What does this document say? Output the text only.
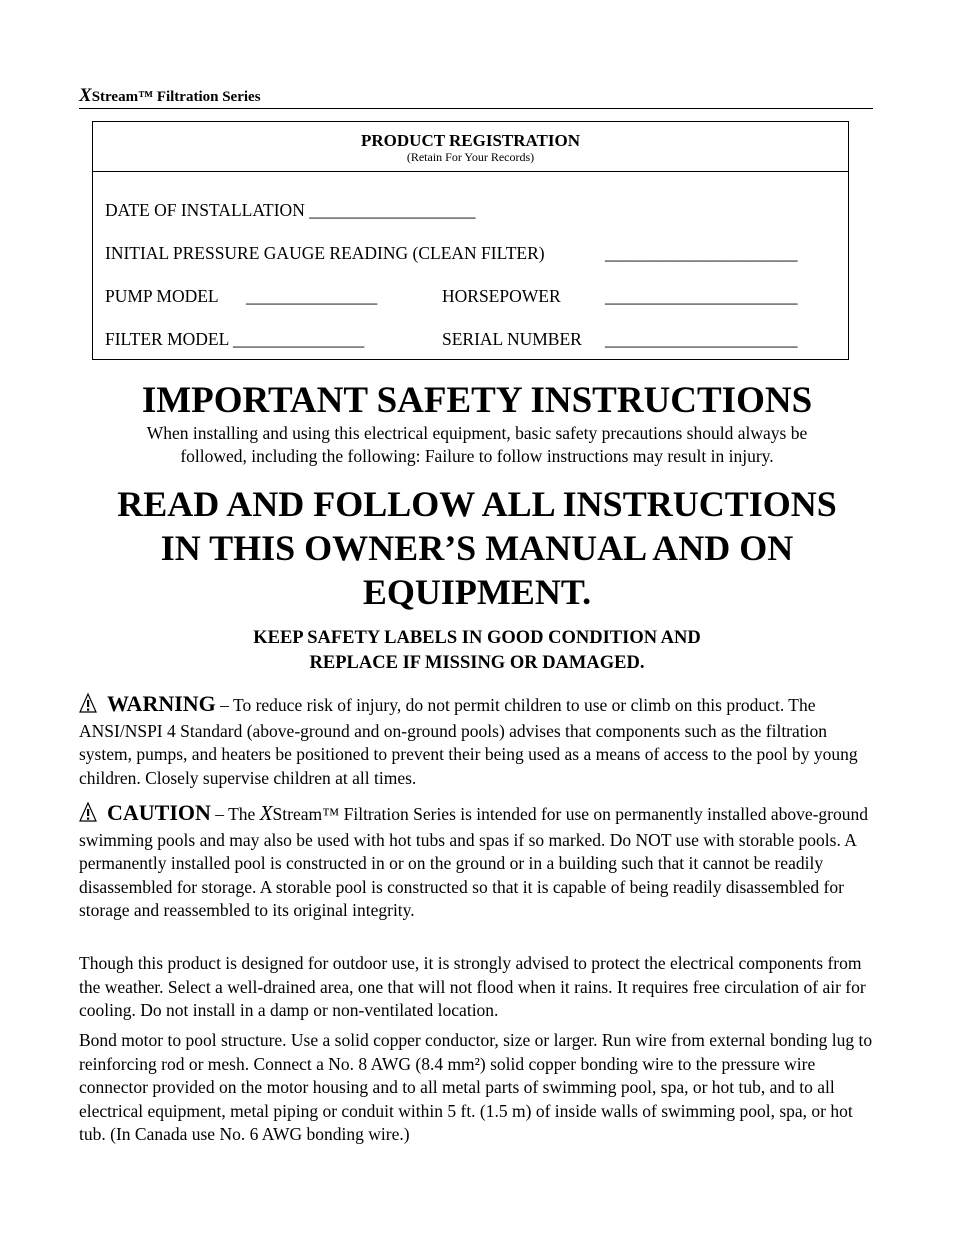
XStream™ Filtration Series
PRODUCT REGISTRATION
(Retain For Your Records)
DATE OF INSTALLATION ___________________
INITIAL PRESSURE GAUGE READING (CLEAN FILTER)	______________________
PUMP MODEL _______________	HORSEPOWER	______________________
FILTER MODEL _______________	SERIAL NUMBER ______________________
IMPORTANT SAFETY INSTRUCTIONS
When installing and using this electrical equipment, basic safety precautions should always be
followed, including the following: Failure to follow instructions may result in injury.
READ AND FOLLOW ALL INSTRUCTIONS
IN THIS OWNER’S MANUAL AND ON
EQUIPMENT.
KEEP SAFETY LABELS IN GOOD CONDITION AND
REPLACE IF MISSING OR DAMAGED.
WARNING – To reduce risk of injury, do not permit children to use or climb on this product. The ANSI/NSPI 4 Standard (above-ground and on-ground pools) advises that components such as the filtration system, pumps, and heaters be positioned to prevent their being used as a means of access to the pool by young children. Closely supervise children at all times.
CAUTION – The XStream™ Filtration Series is intended for use on permanently installed above-ground swimming pools and may also be used with hot tubs and spas if so marked. Do NOT use with storable pools. A permanently installed pool is constructed in or on the ground or in a building such that it cannot be readily disassembled for storage. A storable pool is constructed so that it is capable of being readily disassembled for storage and reassembled to its original integrity.
Though this product is designed for outdoor use, it is strongly advised to protect the electrical components from the weather. Select a well-drained area, one that will not flood when it rains. It requires free circulation of air for cooling. Do not install in a damp or non-ventilated location.
Bond motor to pool structure. Use a solid copper conductor, size or larger. Run wire from external bonding lug to reinforcing rod or mesh. Connect a No. 8 AWG (8.4 mm²) solid copper bonding wire to the pressure wire connector provided on the motor housing and to all metal parts of swimming pool, spa, or hot tub, and to all electrical equipment, metal piping or conduit within 5 ft. (1.5 m) of inside walls of swimming pool, spa, or hot tub. (In Canada use No. 6 AWG bonding wire.)
